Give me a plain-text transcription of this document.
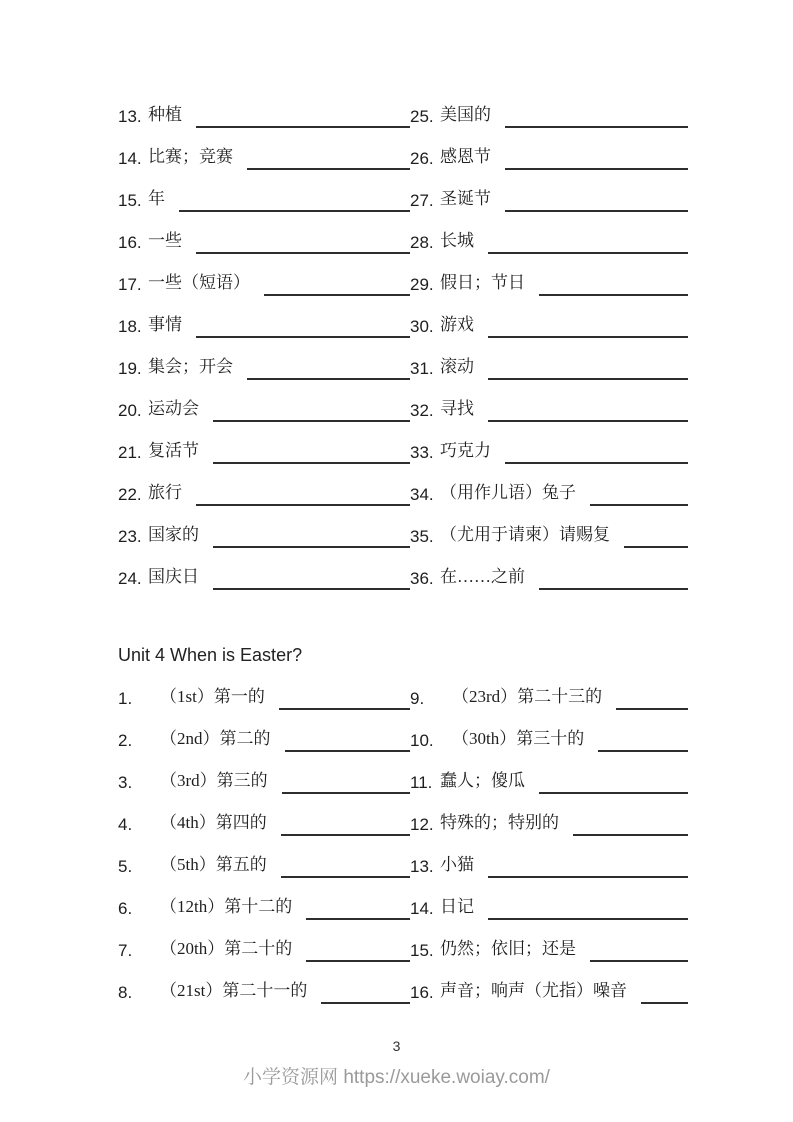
13. 种植	25. 美国的
14. 比赛；竞赛	26. 感恩节
15. 年	27. 圣诞节
16. 一些	28. 长城
17. 一些（短语）	29. 假日；节日
18. 事情	30. 游戏
19. 集会；开会	31. 滚动
20. 运动会	32. 寻找
21. 复活节	33. 巧克力
22. 旅行	34. （用作儿语）兔子
23. 国家的	35. （尤用于请柬）请赐复
24. 国庆日	36. 在……之前
Unit 4 When is Easter?
1.	（1st）第一的	9.	（23rd）第二十三的
2.	（2nd）第二的	10.	（30th）第三十的
3.	（3rd）第三的	11. 蠢人；傻瓜
4.	（4th）第四的	12. 特殊的；特别的
5.	（5th）第五的	13. 小猫
6.	（12th）第十二的	14. 日记
7.	（20th）第二十的	15. 仍然；依旧；还是
8.	（21st）第二十一的	16. 声音；响声（尤指）噪音
3
小学资源网 https://xueke.woiay.com/
